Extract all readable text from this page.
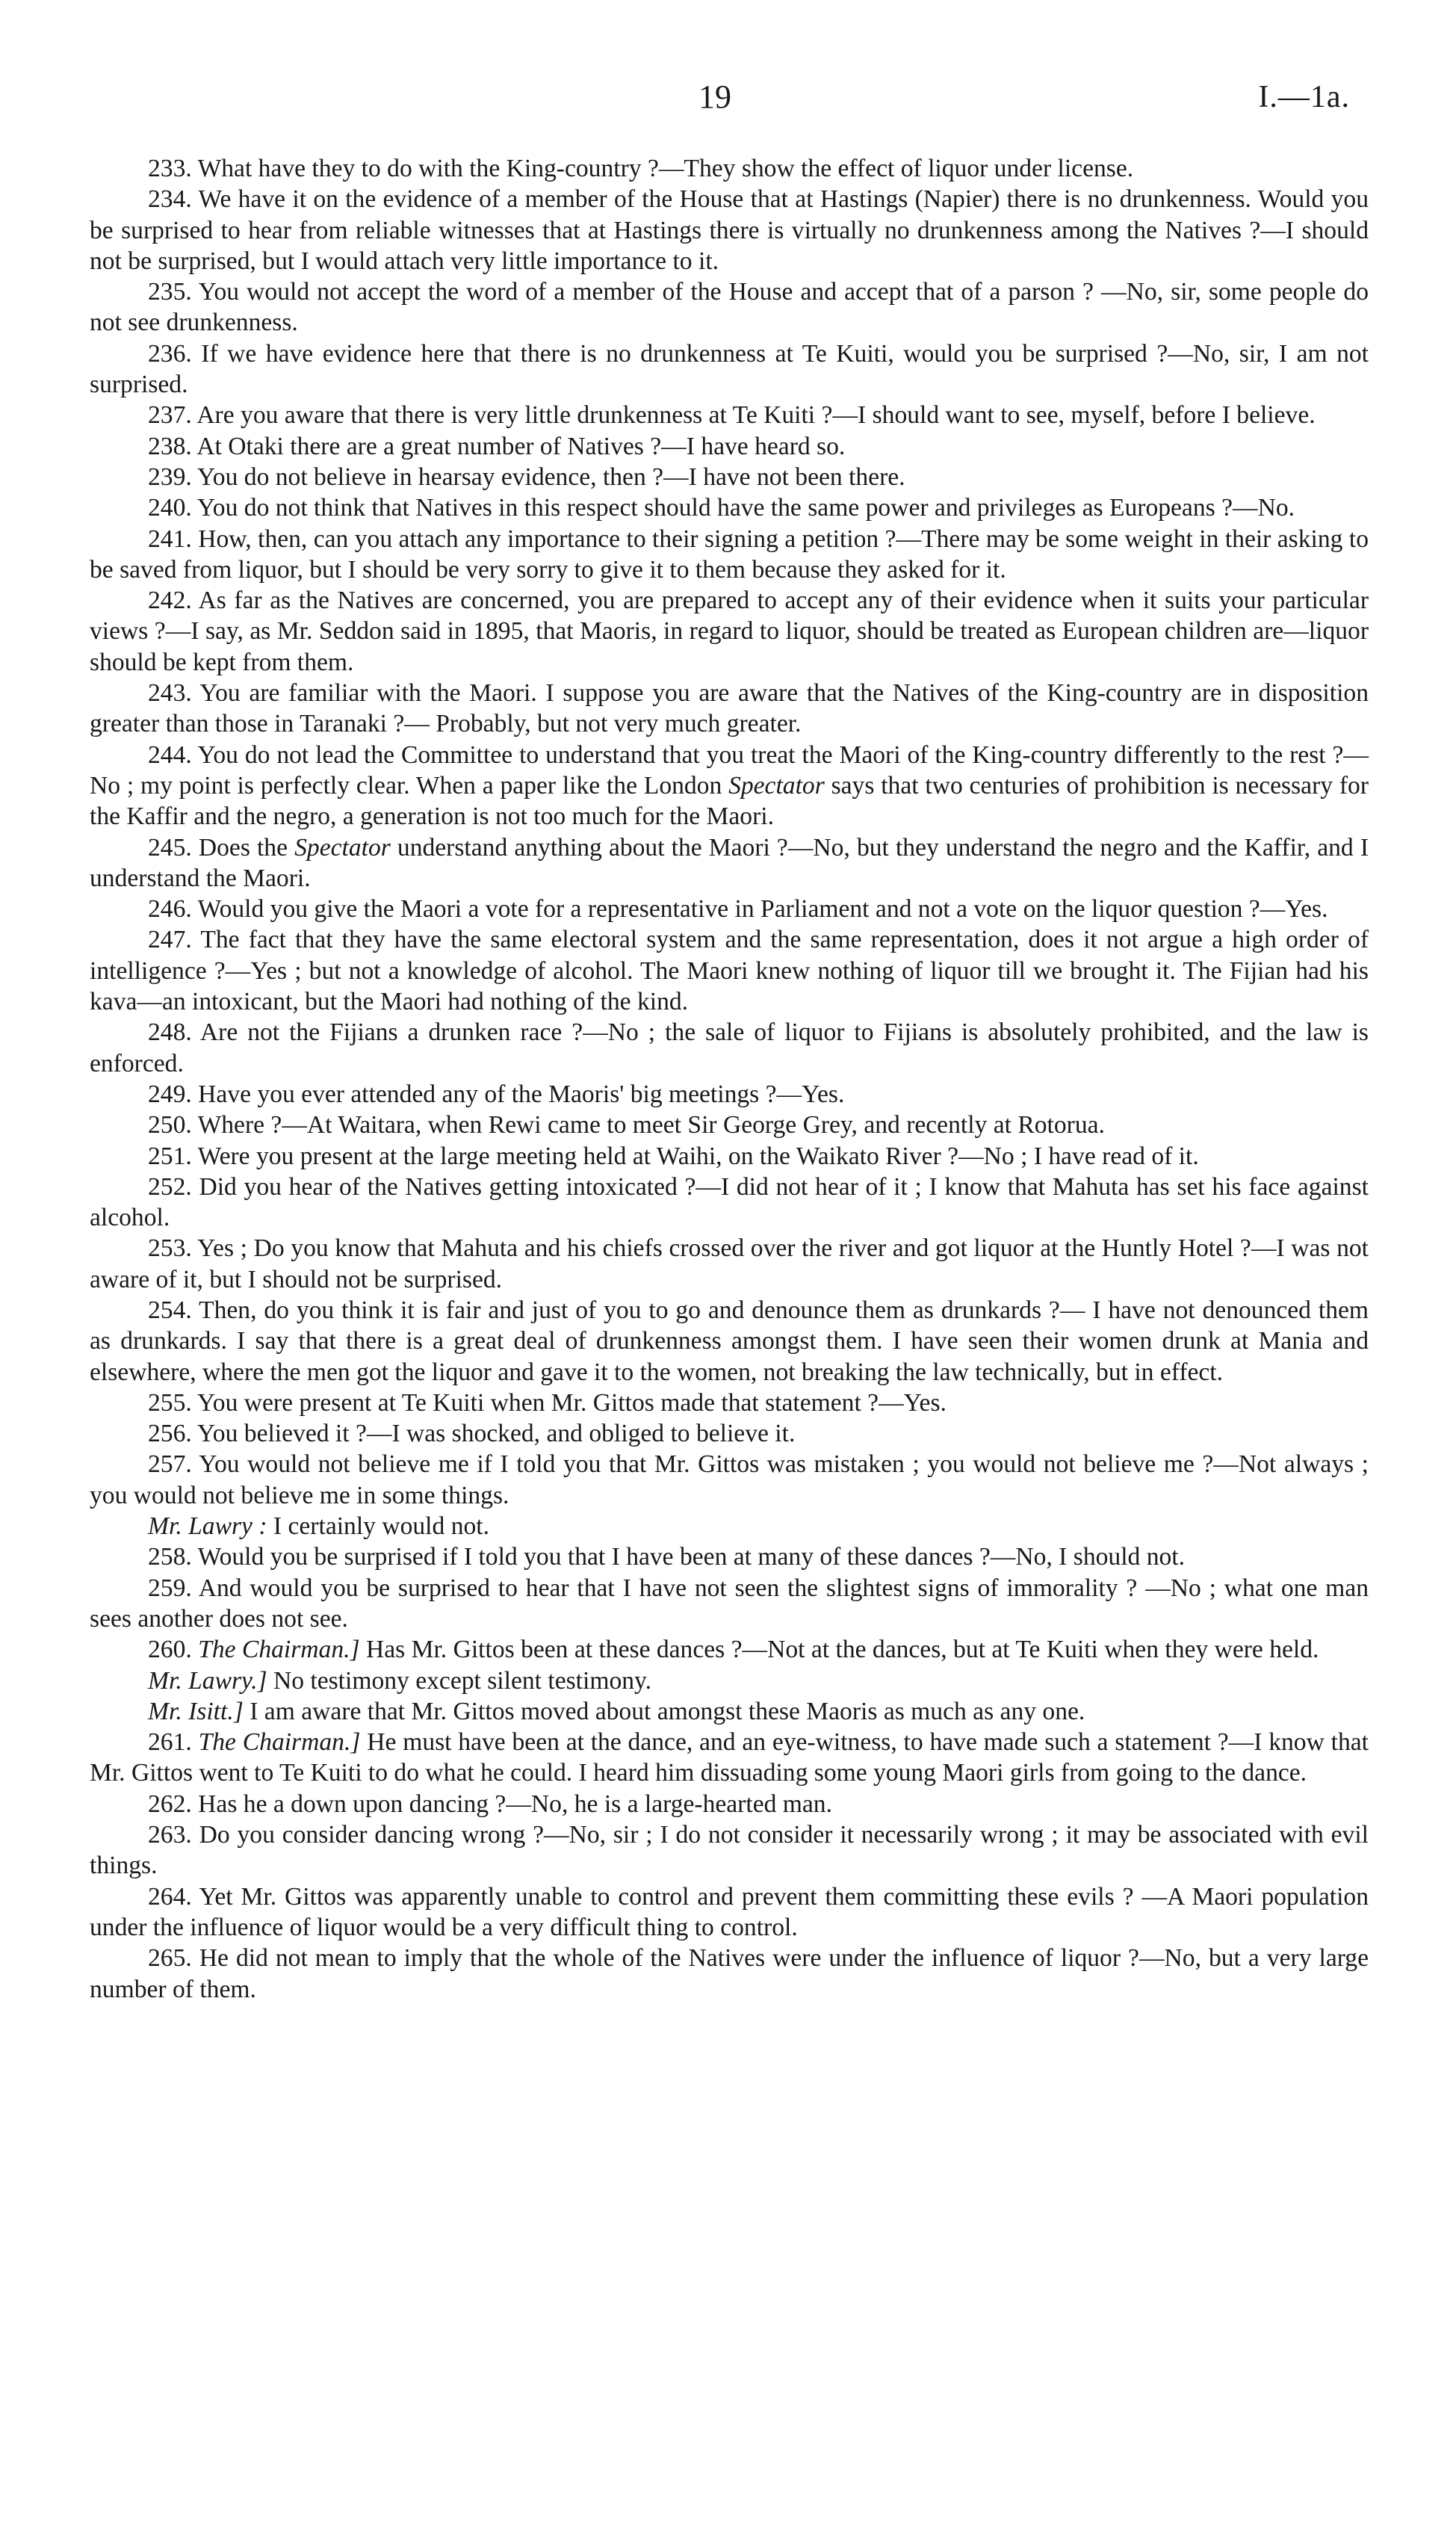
19	I.—1a.

233. What have they to do with the King-country ?—They show the effect of liquor under license.

234. We have it on the evidence of a member of the House that at Hastings (Napier) there is no drunkenness. Would you be surprised to hear from reliable witnesses that at Hastings there is virtually no drunkenness among the Natives ?—I should not be surprised, but I would attach very little importance to it.

235. You would not accept the word of a member of the House and accept that of a parson ? —No, sir, some people do not see drunkenness.

236. If we have evidence here that there is no drunkenness at Te Kuiti, would you be surprised ?—No, sir, I am not surprised.

237. Are you aware that there is very little drunkenness at Te Kuiti ?—I should want to see, myself, before I believe.

238. At Otaki there are a great number of Natives ?—I have heard so.

239. You do not believe in hearsay evidence, then ?—I have not been there.

240. You do not think that Natives in this respect should have the same power and privileges as Europeans ?—No.

241. How, then, can you attach any importance to their signing a petition ?—There may be some weight in their asking to be saved from liquor, but I should be very sorry to give it to them because they asked for it.

242. As far as the Natives are concerned, you are prepared to accept any of their evidence when it suits your particular views ?—I say, as Mr. Seddon said in 1895, that Maoris, in regard to liquor, should be treated as European children are—liquor should be kept from them.

243. You are familiar with the Maori. I suppose you are aware that the Natives of the King-country are in disposition greater than those in Taranaki ?— Probably, but not very much greater.

244. You do not lead the Committee to understand that you treat the Maori of the King-country differently to the rest ?—No ; my point is perfectly clear. When a paper like the London Spectator says that two centuries of prohibition is necessary for the Kaffir and the negro, a generation is not too much for the Maori.

245. Does the Spectator understand anything about the Maori ?—No, but they understand the negro and the Kaffir, and I understand the Maori.

246. Would you give the Maori a vote for a representative in Parliament and not a vote on the liquor question ?—Yes.

247. The fact that they have the same electoral system and the same representation, does it not argue a high order of intelligence ?—Yes ; but not a knowledge of alcohol. The Maori knew nothing of liquor till we brought it. The Fijian had his kava—an intoxicant, but the Maori had nothing of the kind.

248. Are not the Fijians a drunken race ?—No ; the sale of liquor to Fijians is absolutely prohibited, and the law is enforced.

249. Have you ever attended any of the Maoris' big meetings ?—Yes.

250. Where ?—At Waitara, when Rewi came to meet Sir George Grey, and recently at Rotorua.

251. Were you present at the large meeting held at Waihi, on the Waikato River ?—No ; I have read of it.

252. Did you hear of the Natives getting intoxicated ?—I did not hear of it ; I know that Mahuta has set his face against alcohol.

253. Yes ; Do you know that Mahuta and his chiefs crossed over the river and got liquor at the Huntly Hotel ?—I was not aware of it, but I should not be surprised.

254. Then, do you think it is fair and just of you to go and denounce them as drunkards ?— I have not denounced them as drunkards. I say that there is a great deal of drunkenness amongst them. I have seen their women drunk at Mania and elsewhere, where the men got the liquor and gave it to the women, not breaking the law technically, but in effect.

255. You were present at Te Kuiti when Mr. Gittos made that statement ?—Yes.

256. You believed it ?—I was shocked, and obliged to believe it.

257. You would not believe me if I told you that Mr. Gittos was mistaken ; you would not believe me ?—Not always ; you would not believe me in some things.

Mr. Lawry : I certainly would not.

258. Would you be surprised if I told you that I have been at many of these dances ?—No, I should not.

259. And would you be surprised to hear that I have not seen the slightest signs of immorality ? —No ; what one man sees another does not see.

260. The Chairman.] Has Mr. Gittos been at these dances ?—Not at the dances, but at Te Kuiti when they were held.

Mr. Lawry.] No testimony except silent testimony.

Mr. Isitt.] I am aware that Mr. Gittos moved about amongst these Maoris as much as any one.

261. The Chairman.] He must have been at the dance, and an eye-witness, to have made such a statement ?—I know that Mr. Gittos went to Te Kuiti to do what he could. I heard him dissuading some young Maori girls from going to the dance.

262. Has he a down upon dancing ?—No, he is a large-hearted man.

263. Do you consider dancing wrong ?—No, sir ; I do not consider it necessarily wrong ; it may be associated with evil things.

264. Yet Mr. Gittos was apparently unable to control and prevent them committing these evils ? —A Maori population under the influence of liquor would be a very difficult thing to control.

265. He did not mean to imply that the whole of the Natives were under the influence of liquor ?—No, but a very large number of them.
